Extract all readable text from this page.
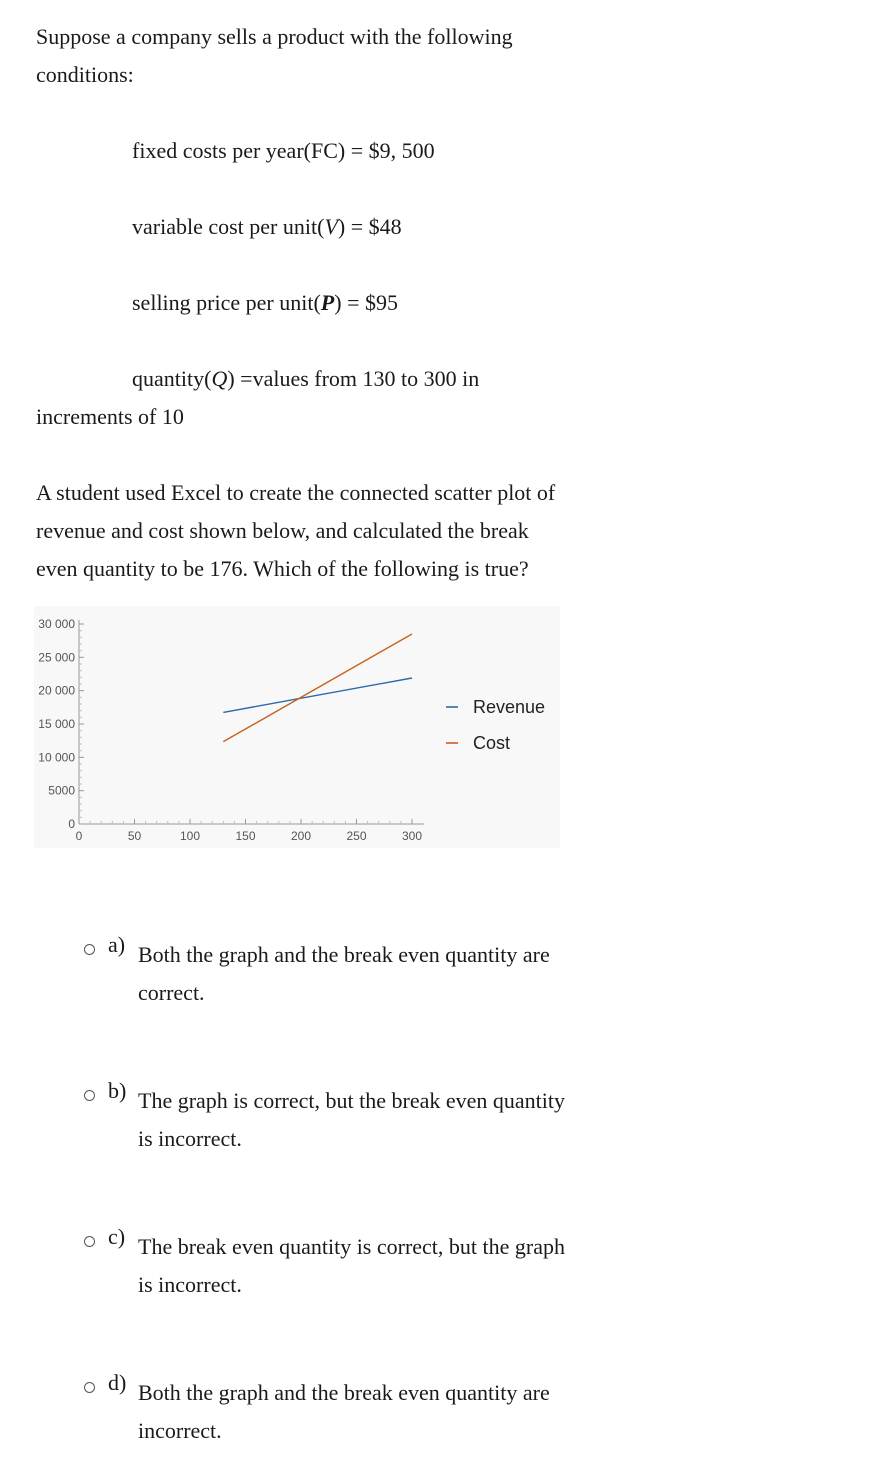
Suppose a company sells a product with the following
conditions:
fixed costs per year(FC) = $9, 500
variable cost per unit(V) = $48
selling price per unit(P) = $95
quantity(Q) =values from 130 to 300 in
increments of 10
A student used Excel to create the connected scatter plot of
revenue and cost shown below, and calculated the break
even quantity to be 176. Which of the following is true?
0
5000
10 000
15 000
20 000
25 000
30 000
0	50	100	150	200	250	300
Revenue
Cost
a) Both the graph and the break even quantity are
correct.
b) The graph is correct, but the break even quantity
is incorrect.
c) The break even quantity is correct, but the graph
is incorrect.
d) Both the graph and the break even quantity are
incorrect.
